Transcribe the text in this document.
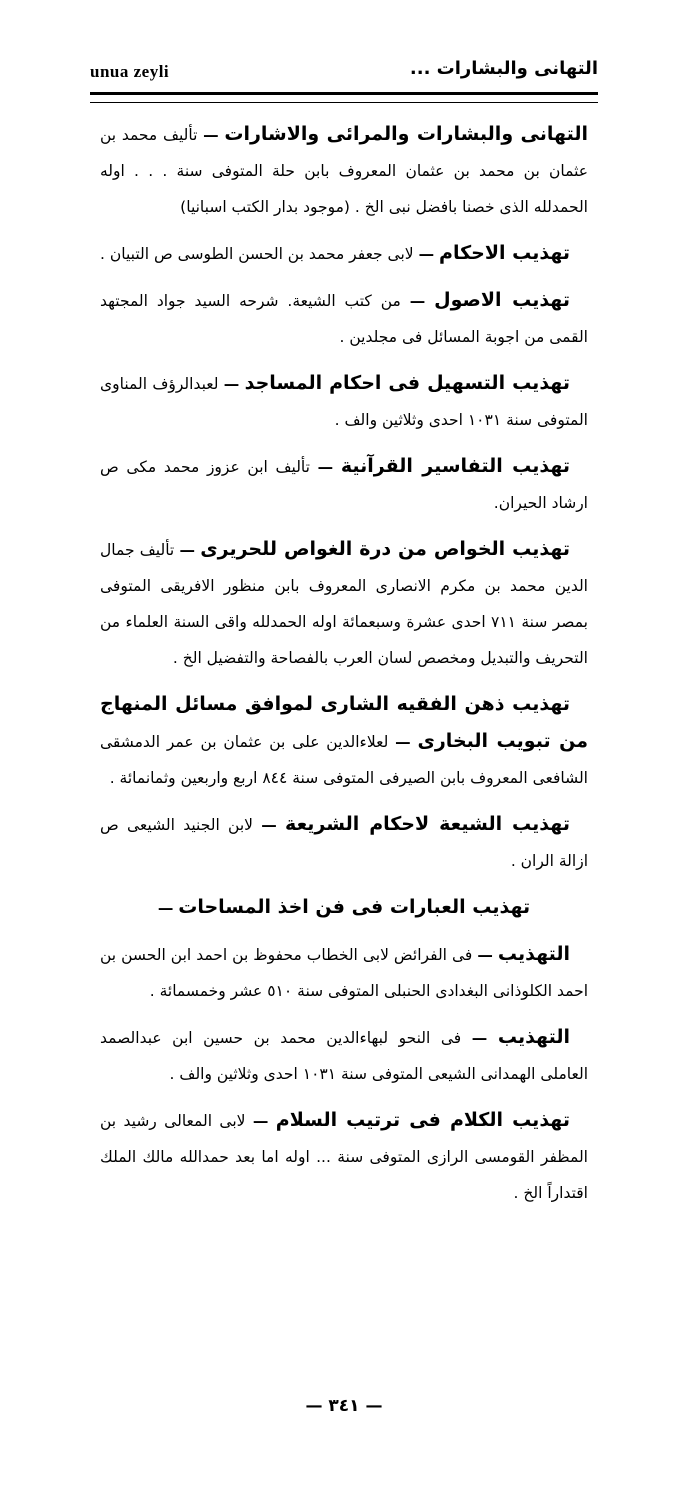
unua zeyli	التهانى والبشارات ...

التهانى والبشارات والمرائى والاشارات — تأليف محمد بن عثمان بن محمد بن عثمان المعروف بابن حلة المتوفى سنة . . . اوله الحمدلله الذى خصنا بافضل نبى الخ . (موجود بدار الكتب اسبانيا)

تهذيب الاحكام — لابى جعفر محمد بن الحسن الطوسى ص التبيان .

تهذيب الاصول — من كتب الشيعة. شرحه السيد جواد المجتهد القمى من اجوبة المسائل فى مجلدين .

تهذيب التسهيل فى احكام المساجد — لعبدالرؤف المناوى المتوفى سنة ١٠٣١ احدى وثلاثين والف .

تهذيب التفاسير القرآنية — تأليف ابن عزوز محمد مكى ص ارشاد الحيران.

تهذيب الخواص من درة الغواص للحريرى — تأليف جمال الدين محمد بن مكرم الانصارى المعروف بابن منظور الافريقى المتوفى بمصر سنة ٧١١ احدى عشرة وسبعمائة اوله الحمدلله واقى السنة العلماء من التحريف والتبديل ومخصص لسان العرب بالفصاحة والتفضيل الخ .

تهذيب ذهن الفقيه الشارى لموافق مسائل المنهاج من تبويب البخارى — لعلاءالدين على بن عثمان بن عمر الدمشقى الشافعى المعروف بابن الصيرفى المتوفى سنة ٨٤٤ اربع واربعين وثمانمائة .

تهذيب الشيعة لاحكام الشريعة — لابن الجنيد الشيعى ص ازالة الران .

تهذيب العبارات فى فن اخذ المساحات —

التهذيب — فى الفرائض لابى الخطاب محفوظ بن احمد ابن الحسن بن احمد الكلوذانى البغدادى الحنبلى المتوفى سنة ٥١٠ عشر وخمسمائة .

التهذيب — فى النحو لبهاءالدين محمد بن حسين ابن عبدالصمد العاملى الهمدانى الشيعى المتوفى سنة ١٠٣١ احدى وثلاثين والف .

تهذيب الكلام فى ترتيب السلام — لابى المعالى رشيد بن المظفر القومسى الرازى المتوفى سنة ... اوله اما بعد حمدالله مالك الملك اقتداراً الخ .

— ٣٤١ —
